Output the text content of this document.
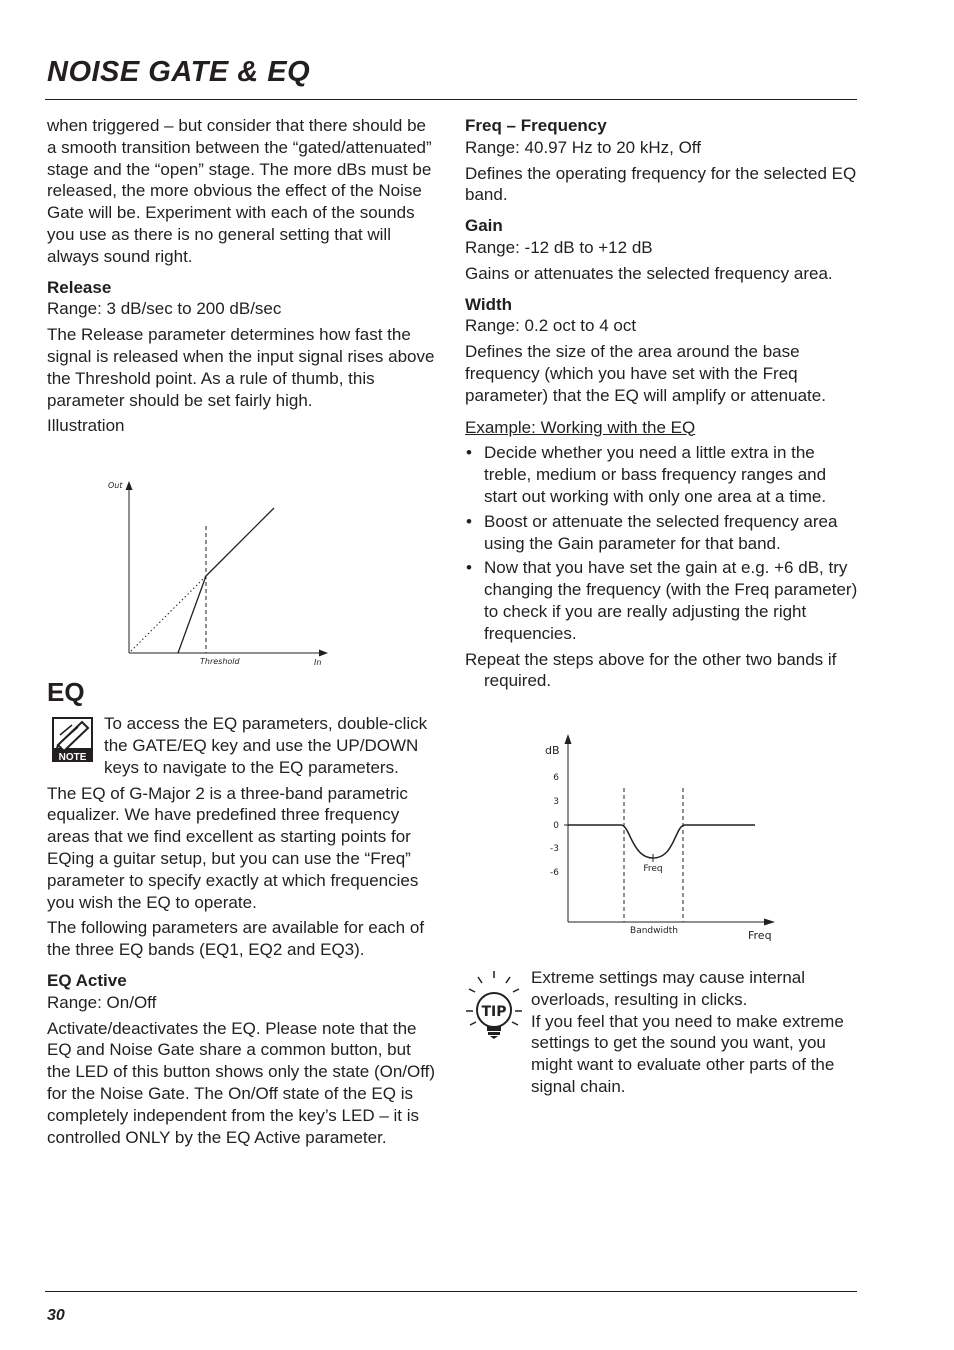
NOISE GATE & EQ

when triggered – but consider that there should be a smooth transition between the “gated/attenuated” stage and the “open” stage. The more dBs must be released, the more obvious the effect of the Noise Gate will be. Experiment with each of the sounds you use as there is no general setting that will always sound right.

Release

Range: 3 dB/sec to 200 dB/sec

The Release parameter determines how fast the signal is released when the input signal rises above the Threshold point. As a rule of thumb, this parameter should be set fairly high.

Illustration

EQ
NOTE

To access the EQ parameters, double-click the GATE/EQ key and use the UP/DOWN keys to navigate to the EQ parameters.

The EQ of G-Major 2 is a three-band parametric equalizer. We have predefined three frequency areas that we find excellent as starting points for EQing a guitar setup, but you can use the “Freq” parameter to specify exactly at which frequencies you wish the EQ to operate.

The following parameters are available for each of the three EQ bands (EQ1, EQ2 and EQ3).

EQ Active

Range: On/Off

Activate/deactivates the EQ. Please note that the EQ and Noise Gate share a common button, but the LED of this button shows only the state (On/Off) for the Noise Gate. The On/Off state of the EQ is completely independent from the key’s LED – it is controlled ONLY by the EQ Active parameter.

Out
Threshold	In
Freq – Frequency

Range: 40.97 Hz to 20 kHz, Off

Defines the operating frequency for the selected EQ band.

Gain

Range: -12 dB to +12 dB

Gains or attenuates the selected frequency area.

Width

Range: 0.2 oct to 4 oct

Defines the size of the area around the base frequency (which you have set with the Freq parameter) that the EQ will amplify or attenuate.

Example: Working with the EQ

• Decide whether you need a little extra in the treble, medium or bass frequency ranges and start out working with only one area at a time.
• Boost or attenuate the selected frequency area using the Gain parameter for that band.
• Now that you have set the gain at e.g. +6 dB, try changing the frequency (with the Freq parameter) to check if you are really adjusting the right frequencies.

Repeat the steps above for the other two bands if required.

dB
6
3
0
-3
-6	Freq
Bandwidth	Freq
TIP

Extreme settings may cause internal overloads, resulting in clicks.

If you feel that you need to make extreme settings to get the sound you want, you might want to evaluate other parts of the signal chain.

30
